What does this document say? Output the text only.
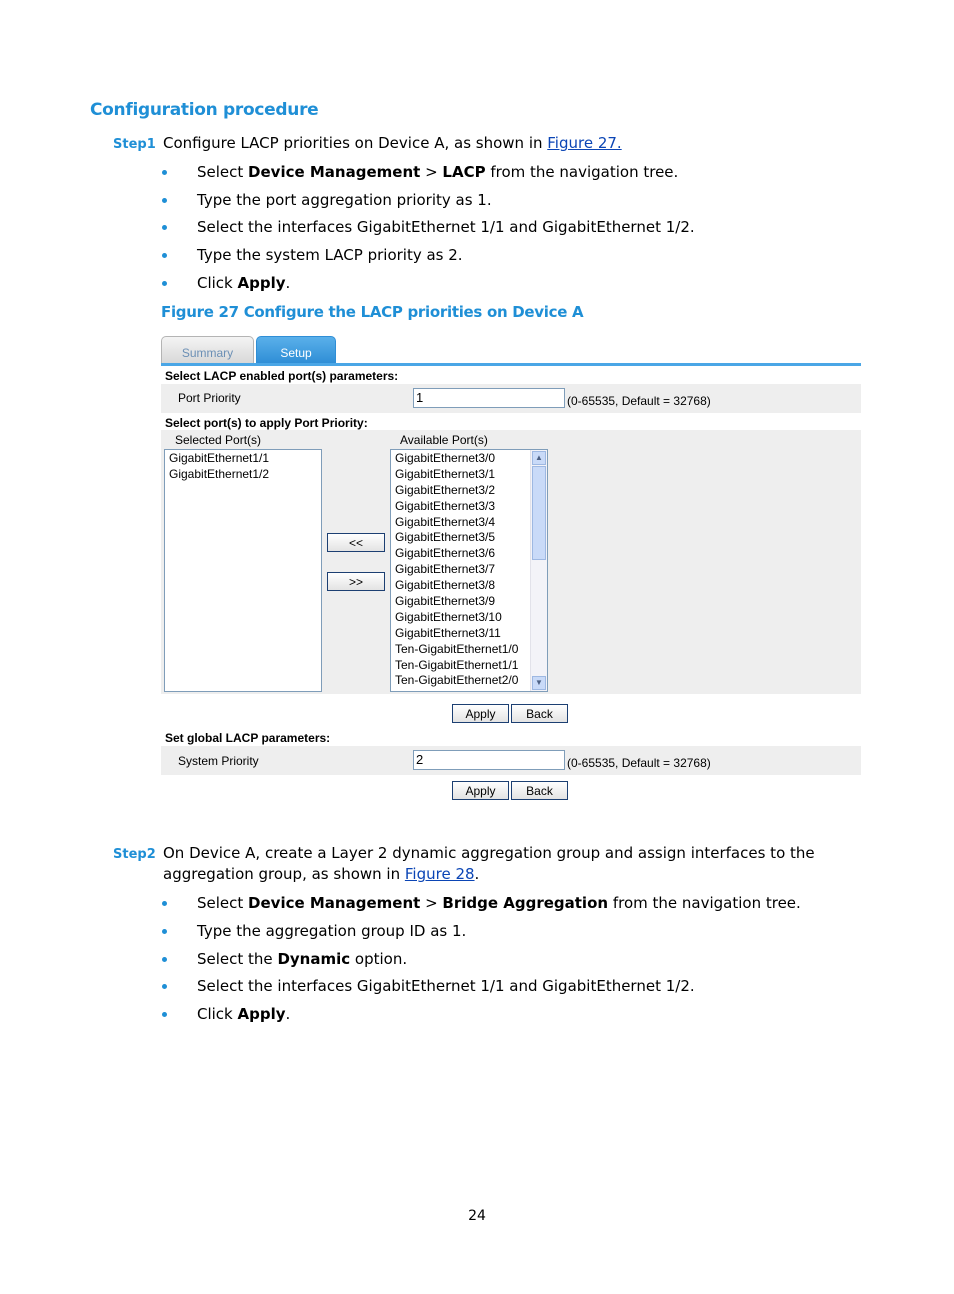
Configuration procedure
Step1 Configure LACP priorities on Device A, as shown in Figure 27.
Select Device Management > LACP from the navigation tree.
Type the port aggregation priority as 1.
Select the interfaces GigabitEthernet 1/1 and GigabitEthernet 1/2.
Type the system LACP priority as 2.
Click Apply.
Figure 27 Configure the LACP priorities on Device A
Summary	Setup
Select LACP enabled port(s) parameters:
Port Priority	1	(0-65535, Default = 32768)
Select port(s) to apply Port Priority:
Selected Port(s)	Available Port(s)
GigabitEthernet1/1
GigabitEthernet1/2
<<
>>
GigabitEthernet3/0
GigabitEthernet3/1
GigabitEthernet3/2
GigabitEthernet3/3
GigabitEthernet3/4
GigabitEthernet3/5
GigabitEthernet3/6
GigabitEthernet3/7
GigabitEthernet3/8
GigabitEthernet3/9
GigabitEthernet3/10
GigabitEthernet3/11
Ten-GigabitEthernet1/0
Ten-GigabitEthernet1/1
Ten-GigabitEthernet2/0
▲
▼
Apply	Back
Set global LACP parameters:
System Priority	2	(0-65535, Default = 32768)
Apply	Back
Step2 On Device A, create a Layer 2 dynamic aggregation group and assign interfaces to the aggregation group, as shown in Figure 28.
Select Device Management > Bridge Aggregation from the navigation tree.
Type the aggregation group ID as 1.
Select the Dynamic option.
Select the interfaces GigabitEthernet 1/1 and GigabitEthernet 1/2.
Click Apply.
24
